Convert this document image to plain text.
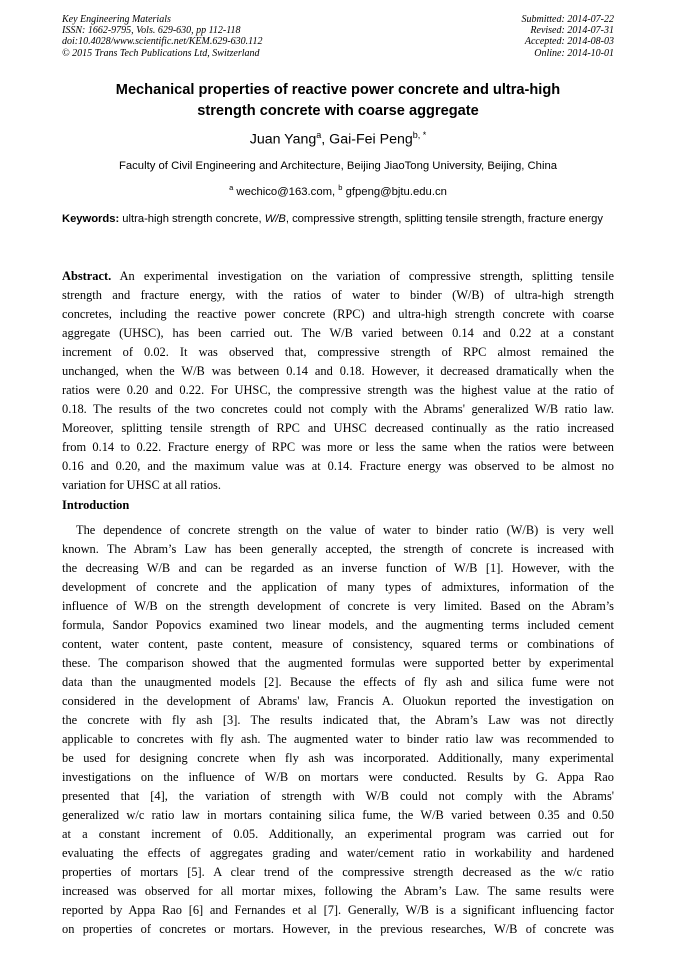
Key Engineering Materials
ISSN: 1662-9795, Vols. 629-630, pp 112-118
doi:10.4028/www.scientific.net/KEM.629-630.112
© 2015 Trans Tech Publications Ltd, Switzerland
Submitted: 2014-07-22
Revised: 2014-07-31
Accepted: 2014-08-03
Online: 2014-10-01
Mechanical properties of reactive power concrete and ultra-high
strength concrete with coarse aggregate
Juan Yang$^a$, Gai-Fei Peng$^{b, *}$
Faculty of Civil Engineering and Architecture, Beijing JiaoTong University, Beijing, China
$^a$ wechico@163.com, $^b$ gfpeng@bjtu.edu.cn
Keywords: ultra-high strength concrete, W/B, compressive strength, splitting tensile strength, fracture energy
Abstract. An experimental investigation on the variation of compressive strength, splitting tensile
strength and fracture energy, with the ratios of water to binder (W/B) of ultra-high strength
concretes, including the reactive power concrete (RPC) and ultra-high strength concrete with coarse
aggregate (UHSC), has been carried out. The W/B varied between 0.14 and 0.22 at a constant
increment of 0.02. It was observed that, compressive strength of RPC almost remained the
unchanged, when the W/B was between 0.14 and 0.18. However, it decreased dramatically when the
ratios were 0.20 and 0.22. For UHSC, the compressive strength was the highest value at the ratio of
0.18. The results of the two concretes could not comply with the Abrams' generalized W/B ratio law.
Moreover, splitting tensile strength of RPC and UHSC decreased continually as the ratio increased
from 0.14 to 0.22. Fracture energy of RPC was more or less the same when the ratios were between
0.16 and 0.20, and the maximum value was at 0.14. Fracture energy was observed to be almost no
variation for UHSC at all ratios.
Introduction
The dependence of concrete strength on the value of water to binder ratio (W/B) is very well
known. The Abram’s Law has been generally accepted, the strength of concrete is increased with
the decreasing W/B and can be regarded as an inverse function of W/B [1]. However, with the
development of concrete and the application of many types of admixtures, information of the
influence of W/B on the strength development of concrete is very limited. Based on the Abram’s
formula, Sandor Popovics examined two linear models, and the augmenting terms included cement
content, water content, paste content, measure of consistency, squared terms or combinations of
these. The comparison showed that the augmented formulas were supported better by experimental
data than the unaugmented models [2]. Because the effects of fly ash and silica fume were not
considered in the development of Abrams' law, Francis A. Oluokun reported the investigation on
the concrete with fly ash [3]. The results indicated that, the Abram’s Law was not directly
applicable to concretes with fly ash. The augmented water to binder ratio law was recommended to
be used for designing concrete when fly ash was incorporated. Additionally, many experimental
investigations on the influence of W/B on mortars were conducted. Results by G. Appa Rao
presented that [4], the variation of strength with W/B could not comply with the Abrams'
generalized w/c ratio law in mortars containing silica fume, the W/B varied between 0.35 and 0.50
at a constant increment of 0.05. Additionally, an experimental program was carried out for
evaluating the effects of aggregates grading and water/cement ratio in workability and hardened
properties of mortars [5]. A clear trend of the compressive strength decreased as the w/c ratio
increased was observed for all mortar mixes, following the Abram’s Law. The same results were
reported by Appa Rao [6] and Fernandes et al [7]. Generally, W/B is a significant influencing factor
on properties of concretes or mortars. However, in the previous researches, W/B of concrete was
